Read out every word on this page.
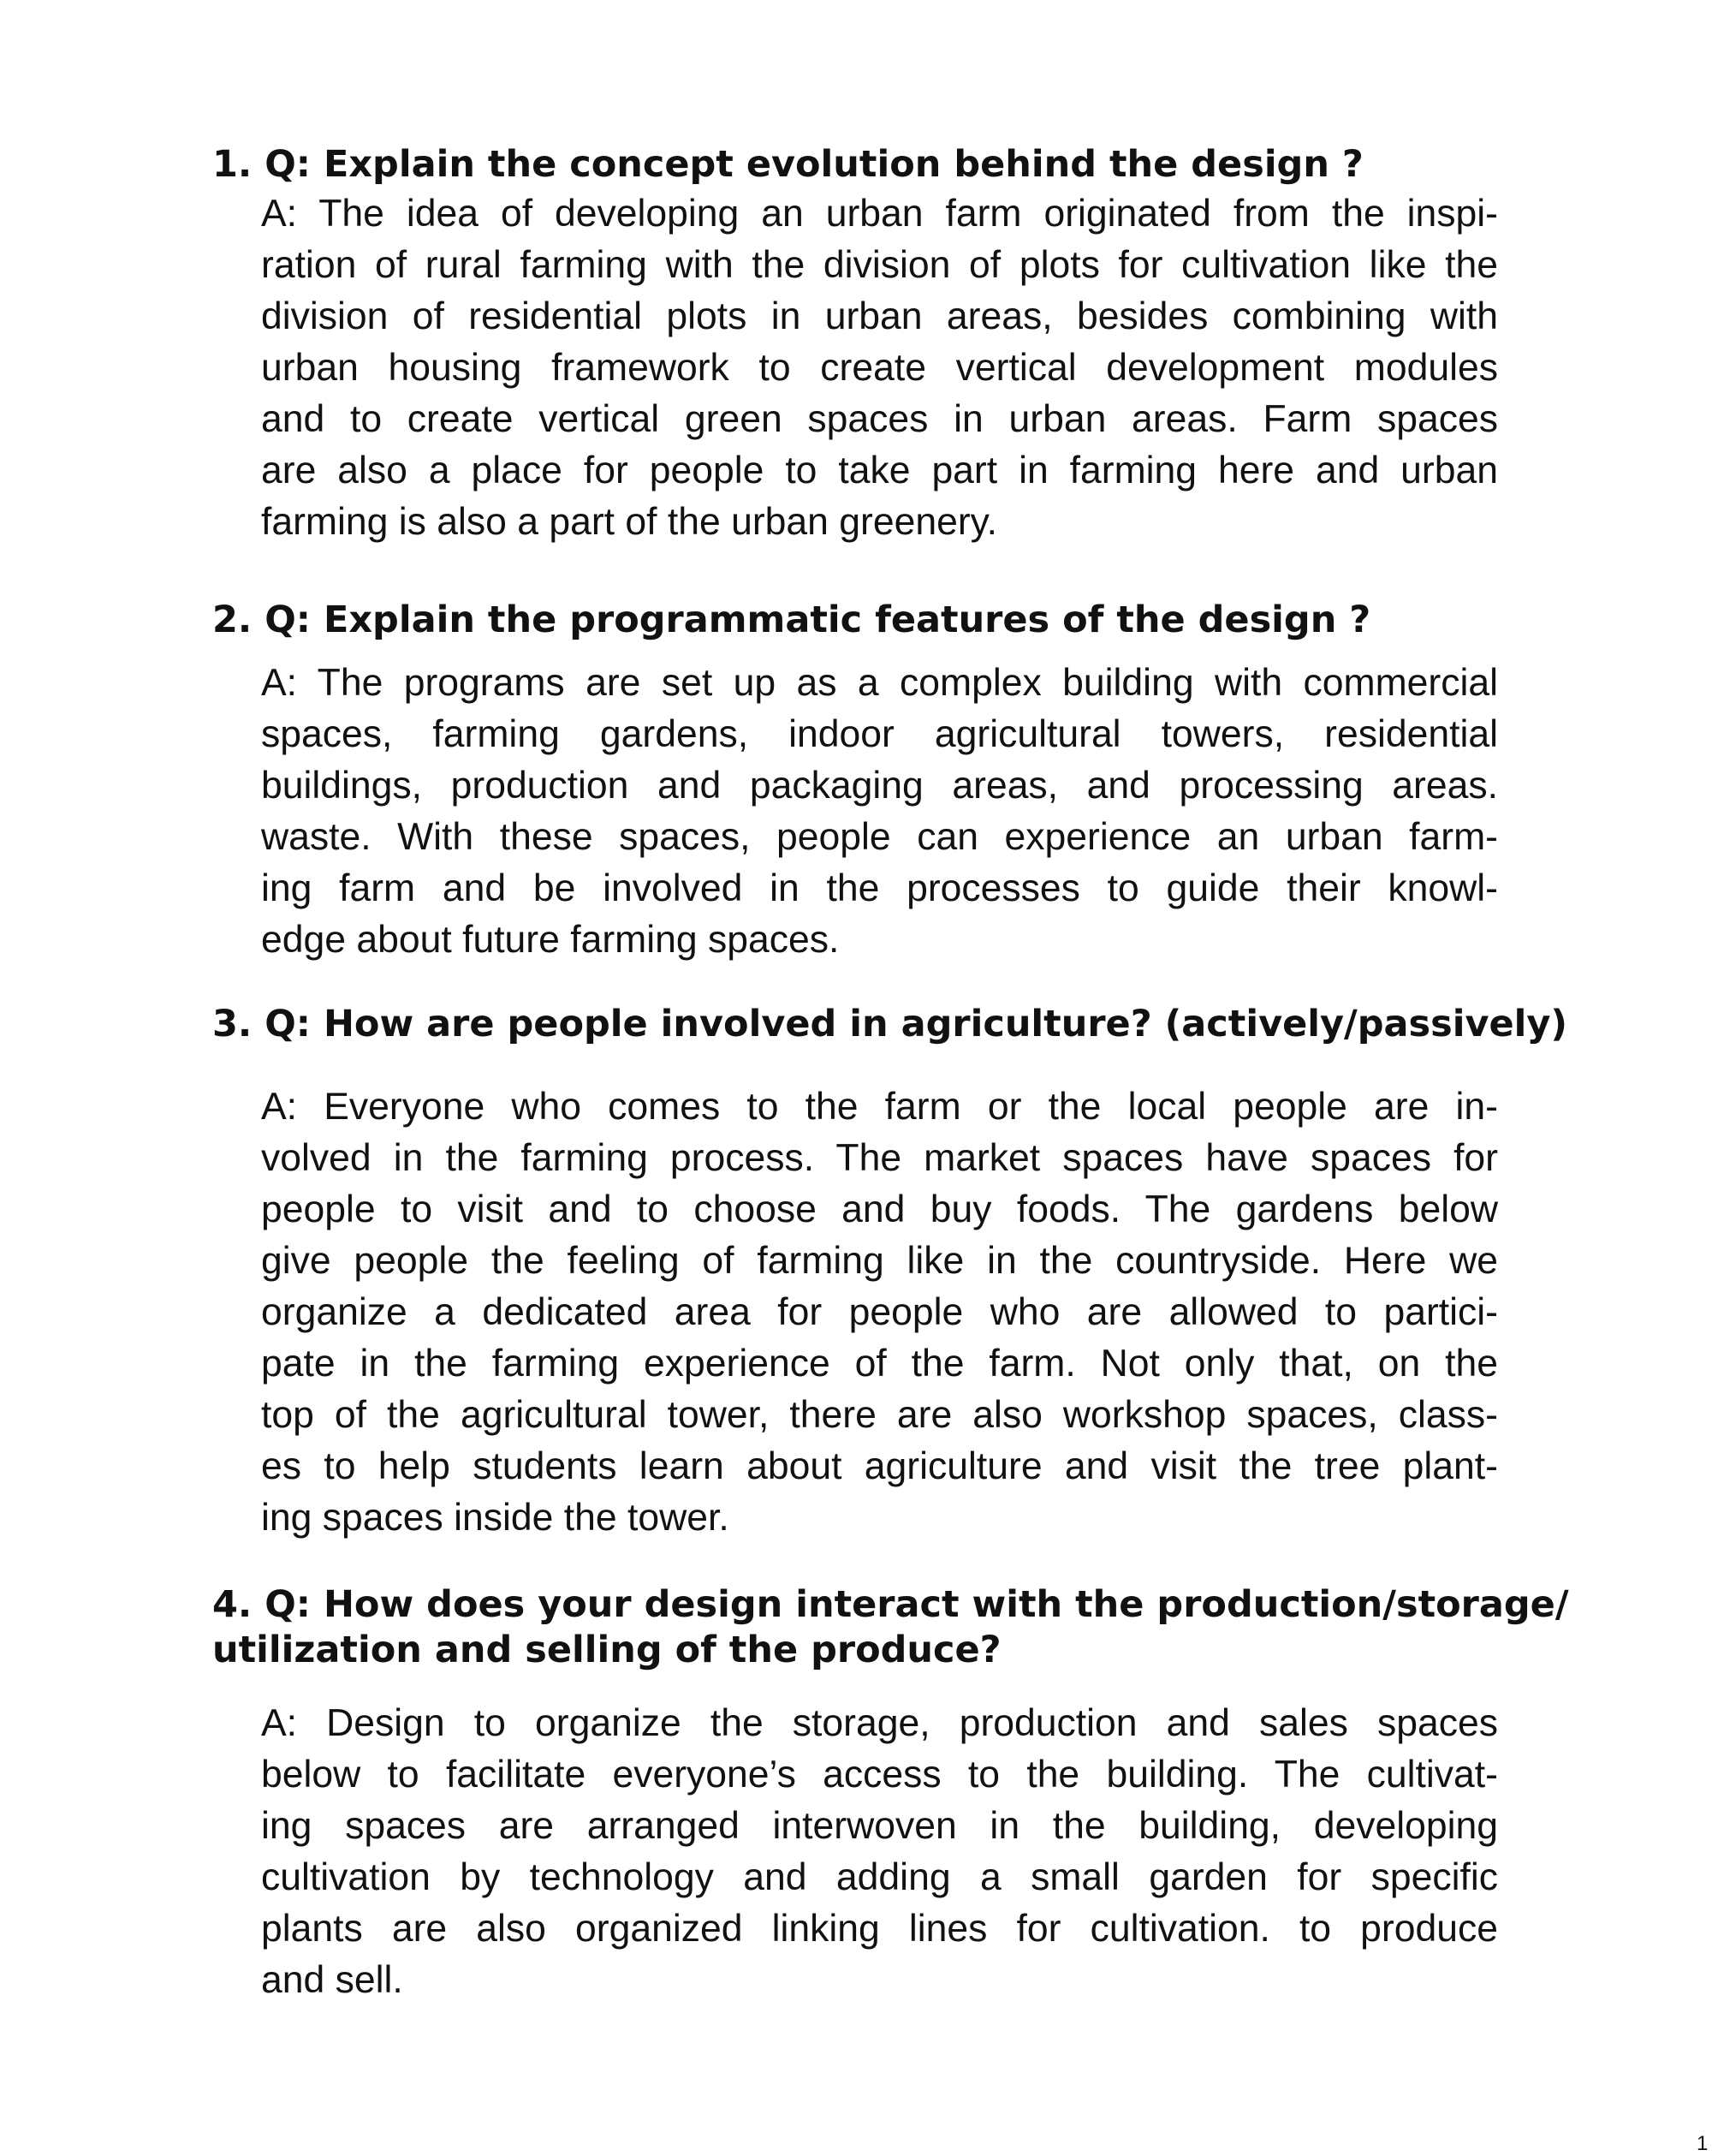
1. Q: Explain the concept evolution behind the design ?
A: The idea of developing an urban farm originated from the inspi-
ration of rural farming with the division of plots for cultivation like the
division of residential plots in urban areas, besides combining with
urban housing framework to create vertical development modules
and to create vertical green spaces in urban areas. Farm spaces
are also a place for people to take part in farming here and urban
farming is also a part of the urban greenery.
2. Q: Explain the programmatic features of the design ?
A: The programs are set up as a complex building with commercial
spaces, farming gardens, indoor agricultural towers, residential
buildings, production and packaging areas, and processing areas.
waste. With these spaces, people can experience an urban farm-
ing farm and be involved in the processes to guide their knowl-
edge about future farming spaces.
3. Q: How are people involved in agriculture? (actively/passively)
A: Everyone who comes to the farm or the local people are in-
volved in the farming process. The market spaces have spaces for
people to visit and to choose and buy foods. The gardens below
give people the feeling of farming like in the countryside. Here we
organize a dedicated area for people who are allowed to partici-
pate in the farming experience of the farm. Not only that, on the
top of the agricultural tower, there are also workshop spaces, class-
es to help students learn about agriculture and visit the tree plant-
ing spaces inside the tower.
4. Q: How does your design interact with the production/storage/
utilization and selling of the produce?
A: Design to organize the storage, production and sales spaces
below to facilitate everyone’s access to the building. The cultivat-
ing spaces are arranged interwoven in the building, developing
cultivation by technology and adding a small garden for specific
plants are also organized linking lines for cultivation. to produce
and sell.
1
